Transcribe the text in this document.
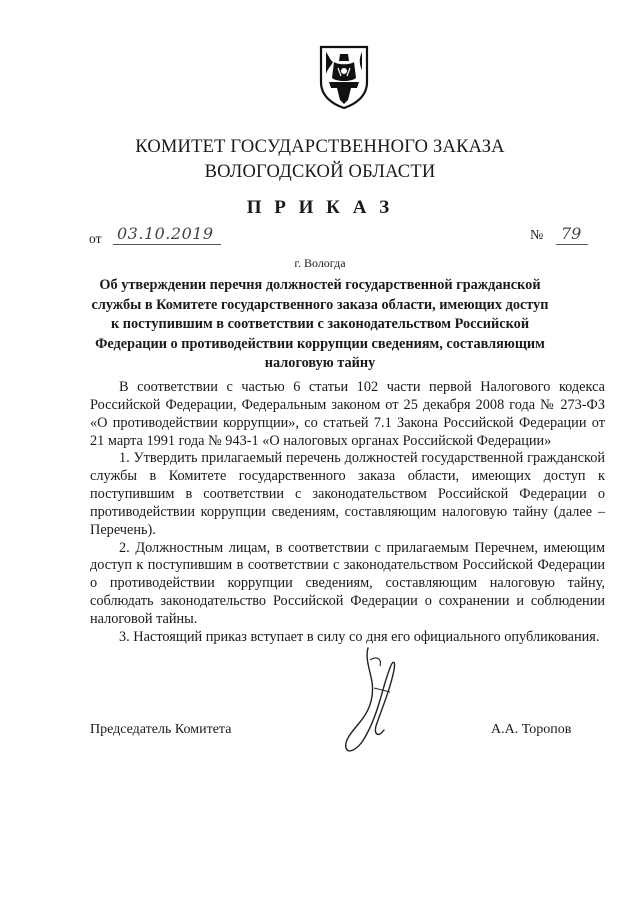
КОМИТЕТ ГОСУДАРСТВЕННОГО ЗАКАЗА
ВОЛОГОДСКОЙ ОБЛАСТИ
П Р И К А З
от 03.10.2019	№ 79
г. Вологда
Об утверждении перечня должностей государственной гражданской службы в Комитете государственного заказа области, имеющих доступ к поступившим в соответствии с законодательством Российской Федерации о противодействии коррупции сведениям, составляющим налоговую тайну

В соответствии с частью 6 статьи 102 части первой Налогового кодекса Российской Федерации, Федеральным законом от 25 декабря 2008 года № 273-ФЗ «О противодействии коррупции», со статьей 7.1 Закона Российской Федерации от 21 марта 1991 года № 943-1 «О налоговых органах Российской Федерации»

1. Утвердить прилагаемый перечень должностей государственной гражданской службы в Комитете государственного заказа области, имеющих доступ к поступившим в соответствии с законодательством Российской Федерации о противодействии коррупции сведениям, составляющим налоговую тайну (далее – Перечень).

2. Должностным лицам, в соответствии с прилагаемым Перечнем, имеющим доступ к поступившим в соответствии с законодательством Российской Федерации о противодействии коррупции сведениям, составляющим налоговую тайну, соблюдать законодательство Российской Федерации о сохранении и соблюдении налоговой тайны.

3. Настоящий приказ вступает в силу со дня его официального опубликования.

Председатель Комитета	А.А. Торопов
